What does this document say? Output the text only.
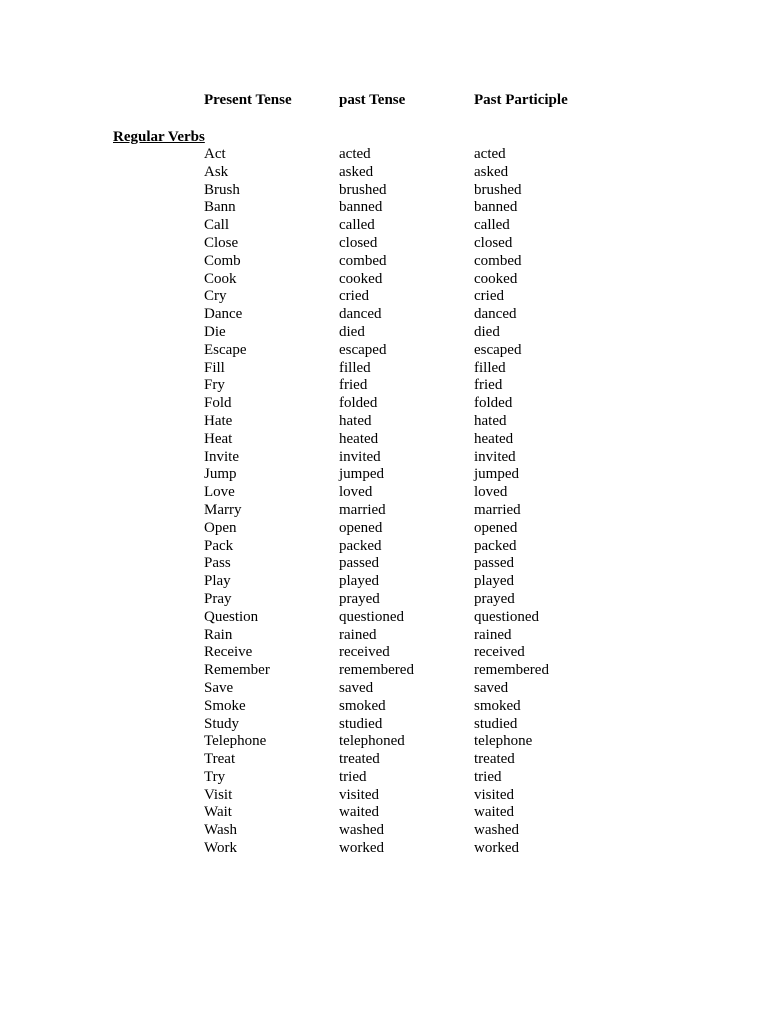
Present Tense	past Tense	Past Participle
Regular Verbs
Act	acted	acted
Ask	asked	asked
Brush	brushed	brushed
Bann	banned	banned
Call	called	called
Close	closed	closed
Comb	combed	combed
Cook	cooked	cooked
Cry	cried	cried
Dance	danced	danced
Die	died	died
Escape	escaped	escaped
Fill	filled	filled
Fry	fried	fried
Fold	folded	folded
Hate	hated	hated
Heat	heated	heated
Invite	invited	invited
Jump	jumped	jumped
Love	loved	loved
Marry	married	married
Open	opened	opened
Pack	packed	packed
Pass	passed	passed
Play	played	played
Pray	prayed	prayed
Question	questioned	questioned
Rain	rained	rained
Receive	received	received
Remember	remembered	remembered
Save	saved	saved
Smoke	smoked	smoked
Study	studied	studied
Telephone	telephoned	telephone
Treat	treated	treated
Try	tried	tried
Visit	visited	visited
Wait	waited	waited
Wash	washed	washed
Work	worked	worked
